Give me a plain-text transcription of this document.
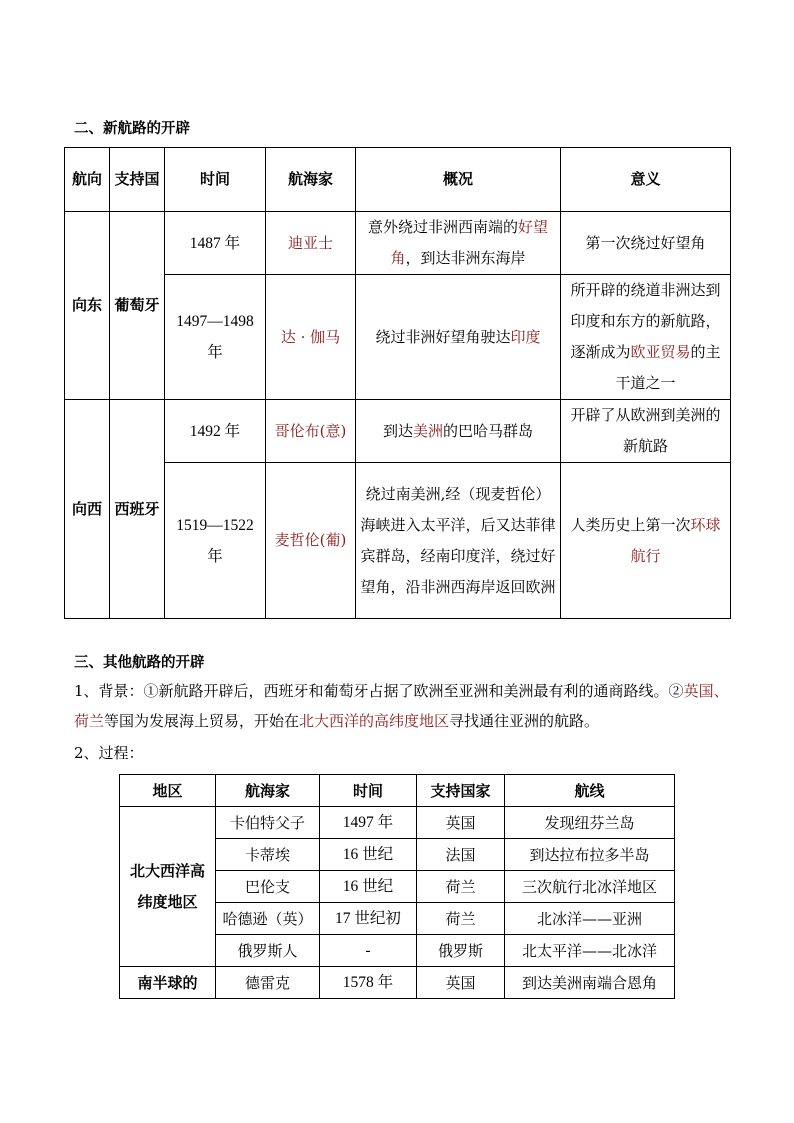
二、新航路的开辟
航向	支持国	时间	航海家	概况	意义
向东	葡萄牙	1487 年	迪亚士	意外绕过非洲西南端的好望角，到达非洲东海岸	第一次绕过好望角
		1497—1498 年	达 · 伽马	绕过非洲好望角驶达印度	所开辟的绕道非洲达到印度和东方的新航路，逐渐成为欧亚贸易的主干道之一
向西	西班牙	1492 年	哥伦布(意)	到达美洲的巴哈马群岛	开辟了从欧洲到美洲的新航路
		1519—1522 年	麦哲伦(葡)	绕过南美洲,经（现麦哲伦）海峡进入太平洋，后又达菲律宾群岛，经南印度洋，绕过好望角，沿非洲西海岸返回欧洲	人类历史上第一次环球航行
三、其他航路的开辟
1、背景：①新航路开辟后，西班牙和葡萄牙占据了欧洲至亚洲和美洲最有利的通商路线。②英国、荷兰等国为发展海上贸易，开始在北大西洋的高纬度地区寻找通往亚洲的航路。
2、过程：
地区	航海家	时间	支持国家	航线
北大西洋高纬度地区	卡伯特父子	1497 年	英国	发现纽芬兰岛
	卡蒂埃	16 世纪	法国	到达拉布拉多半岛
	巴伦支	16 世纪	荷兰	三次航行北冰洋地区
	哈德逊（英）	17 世纪初	荷兰	北冰洋——亚洲
	俄罗斯人	-	俄罗斯	北太平洋——北冰洋
南半球的	德雷克	1578 年	英国	到达美洲南端合恩角
